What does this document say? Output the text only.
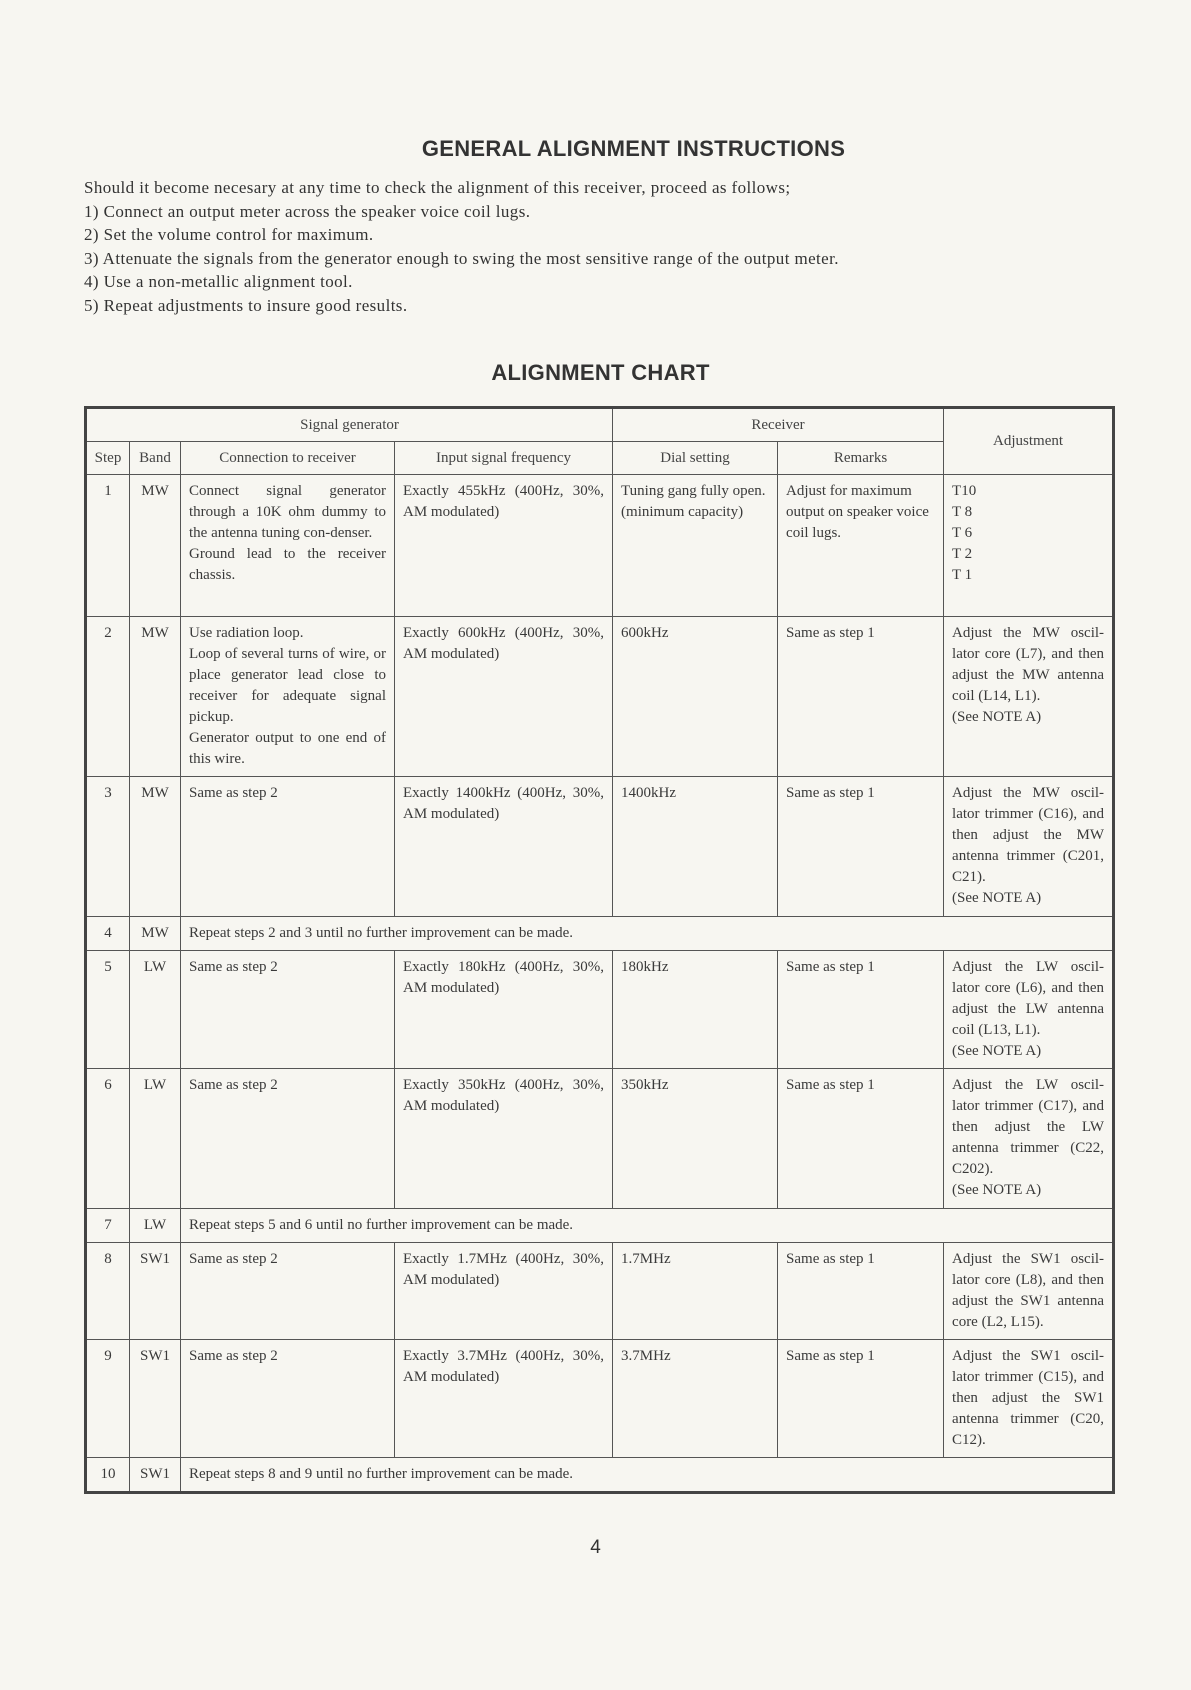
GENERAL ALIGNMENT INSTRUCTIONS
Should it become necesary at any time to check the alignment of this receiver, proceed as follows;
1) Connect an output meter across the speaker voice coil lugs.
2) Set the volume control for maximum.
3) Attenuate the signals from the generator enough to swing the most sensitive range of the output meter.
4) Use a non-metallic alignment tool.
5) Repeat adjustments to insure good results.
ALIGNMENT CHART
Signal generator				Receiver		Adjustment
Step	Band	Connection to receiver	Input signal frequency	Dial setting	Remarks	
1	MW	Connect signal generator through a 10K ohm dummy to the antenna tuning con-denser.
Ground lead to the receiver chassis.	Exactly 455kHz (400Hz, 30%, AM modulated)	Tuning gang fully open.
(minimum capacity)	Adjust for maximum output on speaker voice coil lugs.	T10
T 8
T 6
T 2
T 1
2	MW	Use radiation loop.
Loop of several turns of wire, or place generator lead close to receiver for adequate signal pickup.
Generator output to one end of this wire.	Exactly 600kHz (400Hz, 30%, AM modulated)	600kHz	Same as step 1	Adjust the MW oscil-lator core (L7), and then adjust the MW antenna coil (L14, L1).
(See NOTE A)
3	MW	Same as step 2	Exactly 1400kHz (400Hz, 30%, AM modulated)	1400kHz	Same as step 1	Adjust the MW oscil-lator trimmer (C16), and then adjust the MW antenna trimmer (C201, C21).
(See NOTE A)
4	MW	Repeat steps 2 and 3 until no further improvement can be made.				
5	LW	Same as step 2	Exactly 180kHz (400Hz, 30%, AM modulated)	180kHz	Same as step 1	Adjust the LW oscil-lator core (L6), and then adjust the LW antenna coil (L13, L1).
(See NOTE A)
6	LW	Same as step 2	Exactly 350kHz (400Hz, 30%, AM modulated)	350kHz	Same as step 1	Adjust the LW oscil-lator trimmer (C17), and then adjust the LW antenna trimmer (C22, C202).
(See NOTE A)
7	LW	Repeat steps 5 and 6 until no further improvement can be made.				
8	SW1	Same as step 2	Exactly 1.7MHz (400Hz, 30%, AM modulated)	1.7MHz	Same as step 1	Adjust the SW1 oscil-lator core (L8), and then adjust the SW1 antenna core (L2, L15).
9	SW1	Same as step 2	Exactly 3.7MHz (400Hz, 30%, AM modulated)	3.7MHz	Same as step 1	Adjust the SW1 oscil-lator trimmer (C15), and then adjust the SW1 antenna trimmer (C20, C12).
10	SW1	Repeat steps 8 and 9 until no further improvement can be made.				
4
